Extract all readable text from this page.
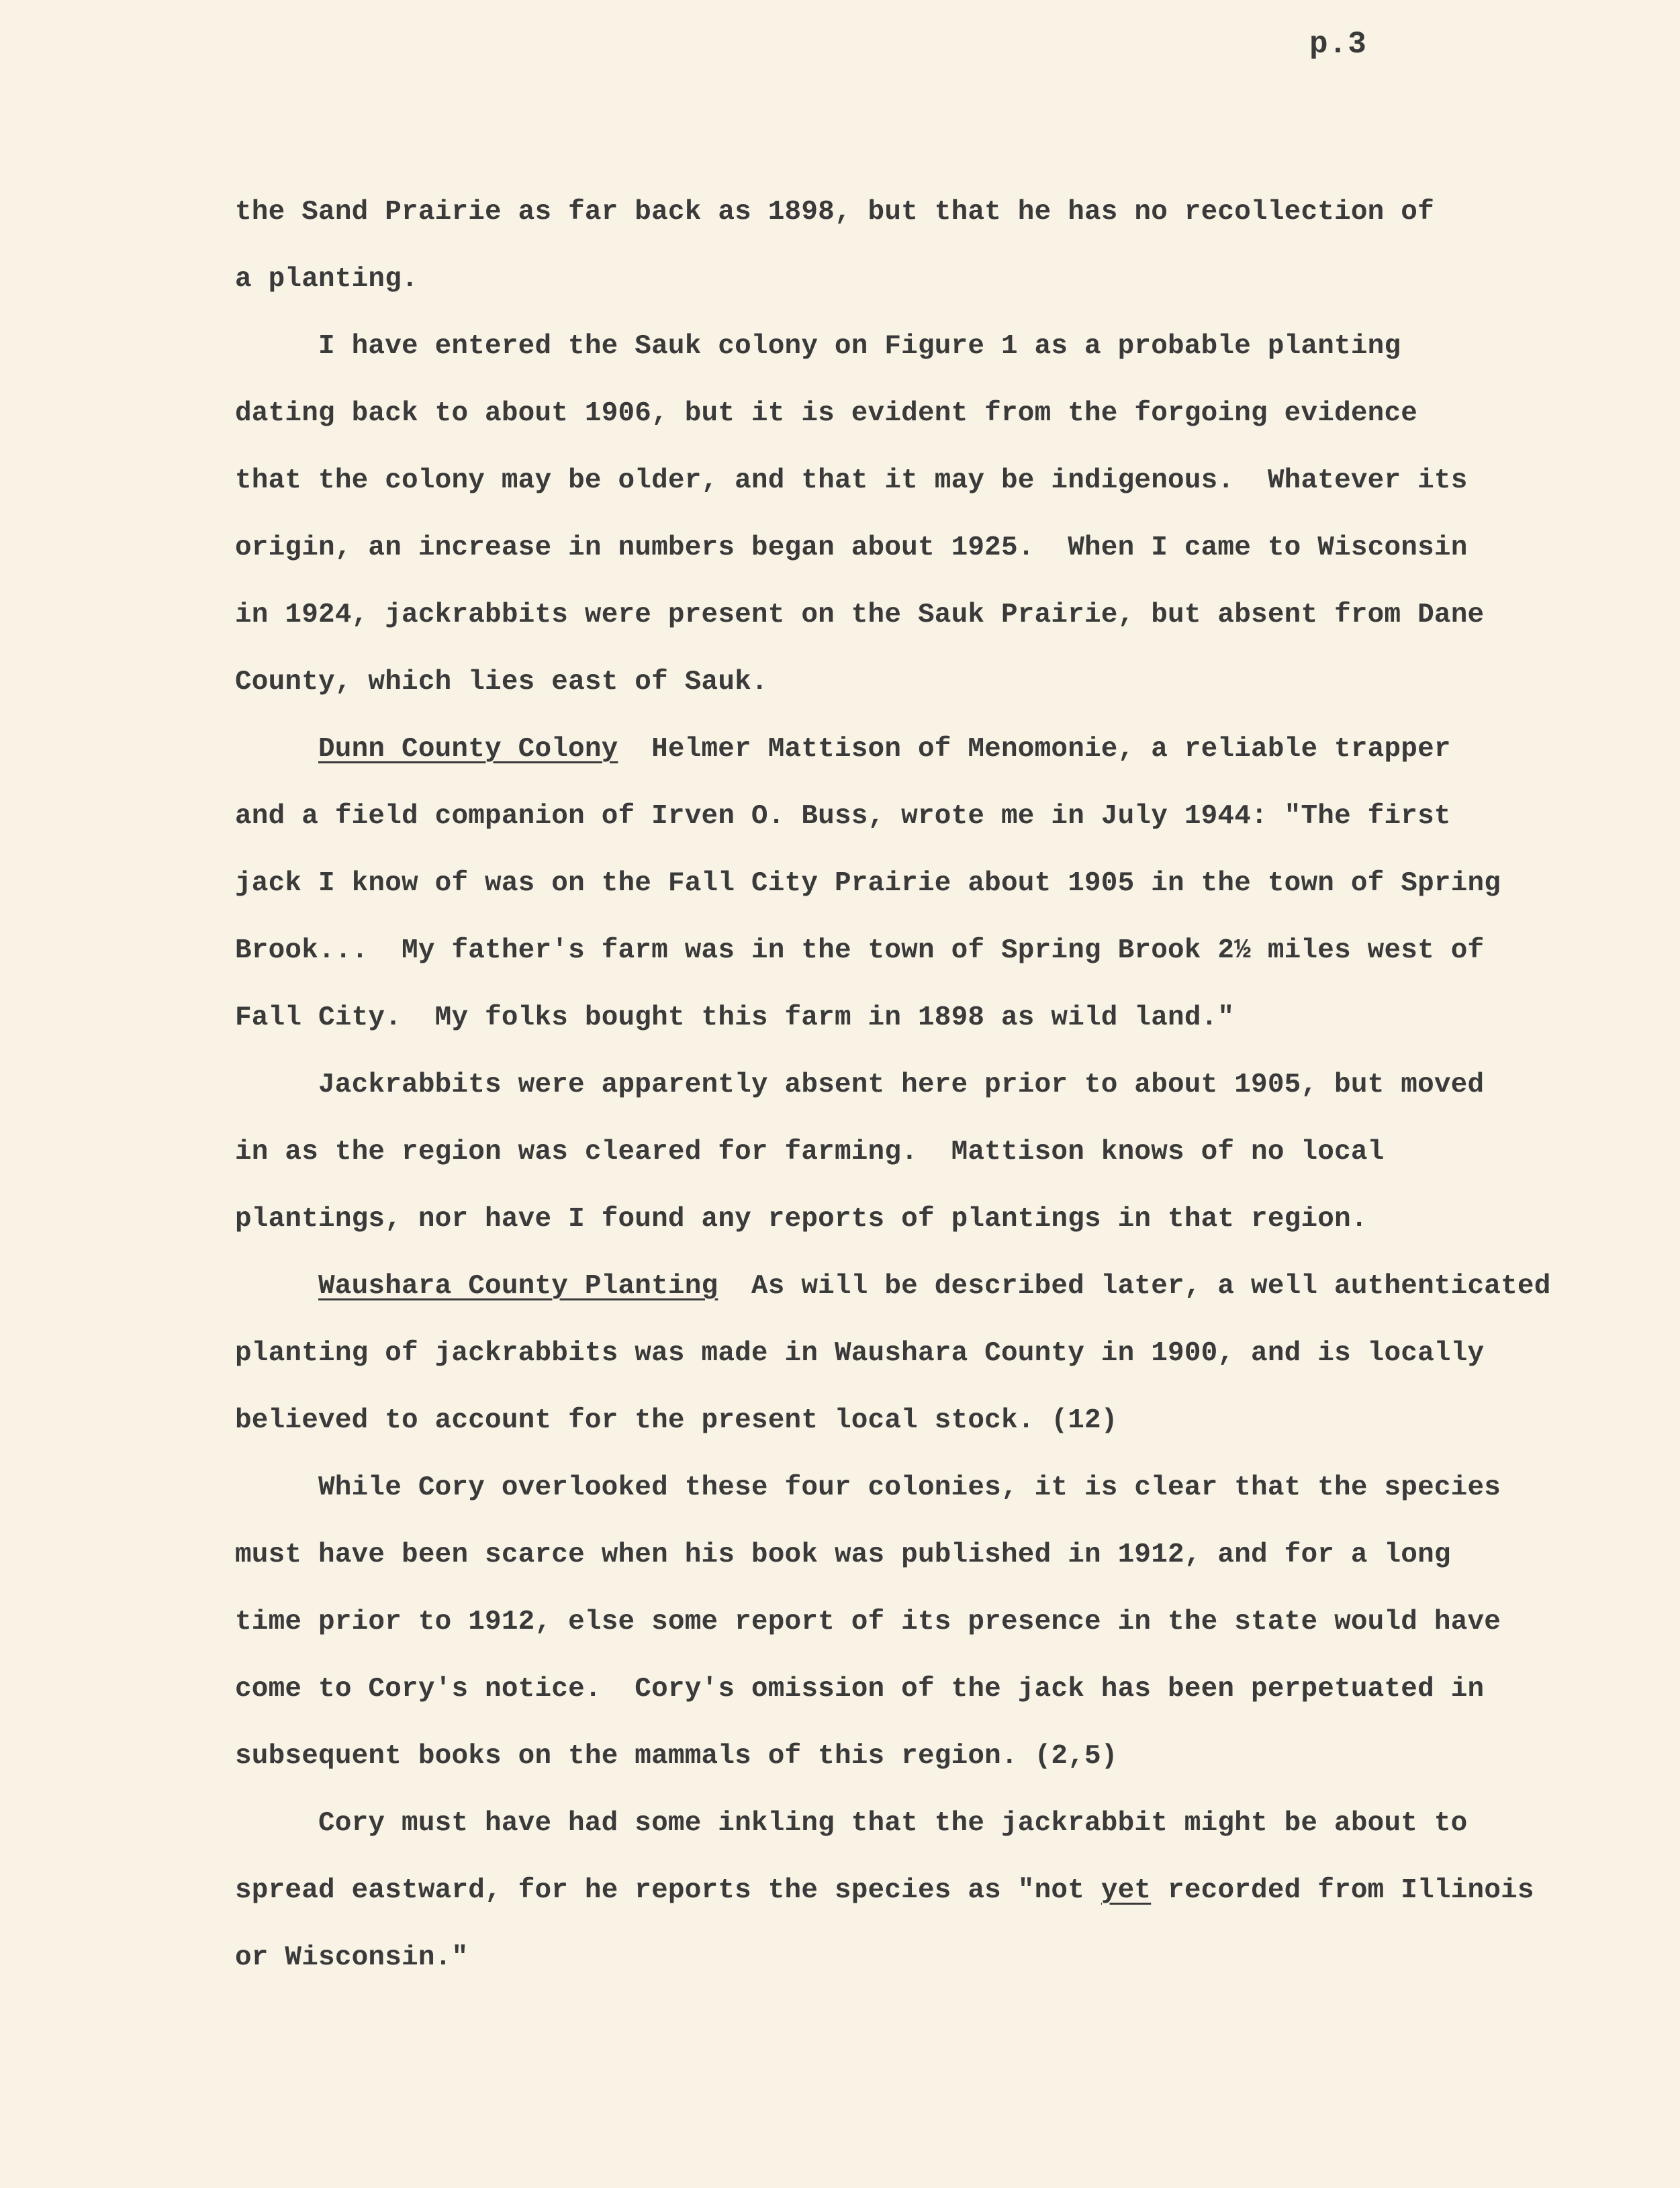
p.3
the Sand Prairie as far back as 1898, but that he has no recollection of
a planting.
I have entered the Sauk colony on Figure 1 as a probable planting
dating back to about 1906, but it is evident from the forgoing evidence
that the colony may be older, and that it may be indigenous.  Whatever its
origin, an increase in numbers began about 1925.  When I came to Wisconsin
in 1924, jackrabbits were present on the Sauk Prairie, but absent from Dane
County, which lies east of Sauk.
Dunn County Colony  Helmer Mattison of Menomonie, a reliable trapper
and a field companion of Irven O. Buss, wrote me in July 1944: "The first
jack I know of was on the Fall City Prairie about 1905 in the town of Spring
Brook...  My father's farm was in the town of Spring Brook 2½ miles west of
Fall City.  My folks bought this farm in 1898 as wild land."
Jackrabbits were apparently absent here prior to about 1905, but moved
in as the region was cleared for farming.  Mattison knows of no local
plantings, nor have I found any reports of plantings in that region.
Waushara County Planting  As will be described later, a well authenticated
planting of jackrabbits was made in Waushara County in 1900, and is locally
believed to account for the present local stock. (12)
While Cory overlooked these four colonies, it is clear that the species
must have been scarce when his book was published in 1912, and for a long
time prior to 1912, else some report of its presence in the state would have
come to Cory's notice.  Cory's omission of the jack has been perpetuated in
subsequent books on the mammals of this region. (2,5)
Cory must have had some inkling that the jackrabbit might be about to
spread eastward, for he reports the species as "not yet recorded from Illinois
or Wisconsin."
